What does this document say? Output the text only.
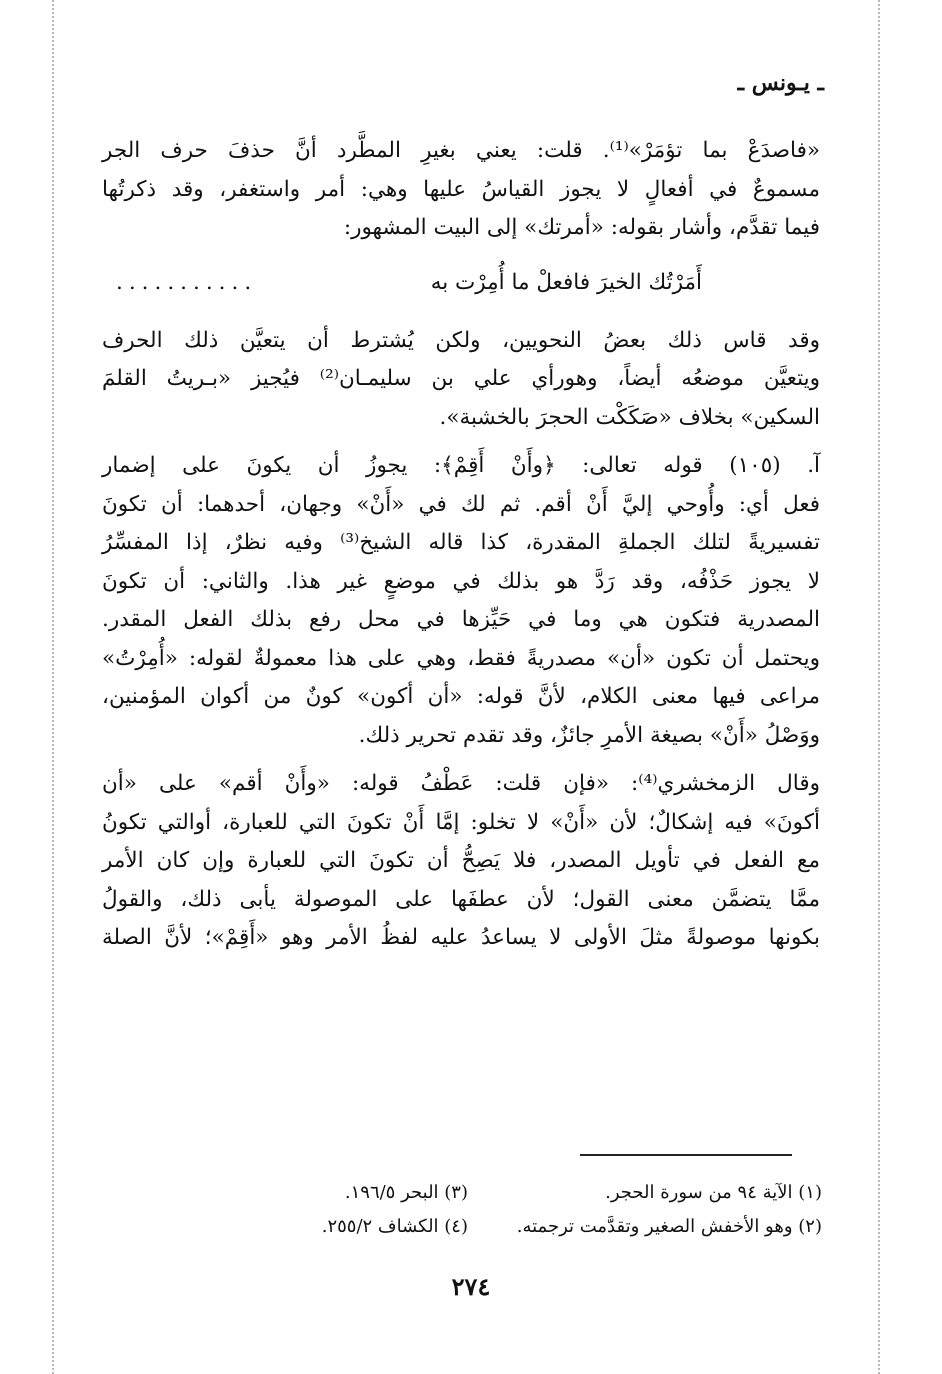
ـ يـونس ـ
«فاصدَعْ بما تؤمَرْ»⁽¹⁾. قلت: يعني بغيرِ المطَّرد أنَّ حذفَ حرف الجر
مسموعٌ في أفعالٍ لا يجوز القياسُ عليها وهي: أمر واستغفر، وقد ذكرتُها
فيما تقدَّم، وأشار بقوله: «أمرتك» إلى البيت المشهور:
أَمَرْتُك الخيرَ فافعلْ ما أُمِرْت به
...........
وقد قاس ذلك بعضُ النحويين، ولكن يُشترط أن يتعيَّن ذلك الحرف
ويتعيَّن موضعُه أيضاً، وهورأي علي بن سليمـان⁽²⁾ فيُجيز «بـريتُ القلمَ
السكين» بخلاف «صَكَكْت الحجرَ بالخشبة».
آ. (١٠٥) قوله تعالى: ﴿وأَنْ أَقِمْ﴾: يجوزُ أن يكونَ على إضمار
فعل أي: وأُوحي إليَّ أَنْ أقم. ثم لك في «أَنْ» وجهان، أحدهما: أن تكونَ
تفسيريةً لتلك الجملةِ المقدرة، كذا قاله الشيخ⁽³⁾ وفيه نظرٌ، إذا المفسِّرُ
لا يجوز حَذْفُه، وقد رَدَّ هو بذلك في موضعٍ غير هذا. والثاني: أن تكونَ
المصدرية فتكون هي وما في حَيِّزها في محل رفع بذلك الفعل المقدر.
ويحتمل أن تكون «أن» مصدريةً فقط، وهي على هذا معمولةٌ لقوله: «أُمِرْتُ»
مراعى فيها معنى الكلام، لأنَّ قوله: «أن أكون» كونٌ من أكوان المؤمنين،
ووَصْلُ «أَنْ» بصيغة الأمرِ جائزٌ، وقد تقدم تحرير ذلك.
وقال الزمخشري⁽⁴⁾: «فإن قلت: عَطْفُ قوله: «وأَنْ أقم» على «أن
أكونَ» فيه إشكالٌ؛ لأن «أَنْ» لا تخلو: إمَّا أَنْ تكونَ التي للعبارة، أوالتي تكونُ
مع الفعل في تأويل المصدر، فلا يَصِحُّ أن تكونَ التي للعبارة وإن كان الأمر
ممَّا يتضمَّن معنى القول؛ لأن عطفَها على الموصولة يأبى ذلك، والقولُ
بكونها موصولةً مثلَ الأولى لا يساعدُ عليه لفظُ الأمر وهو «أَقِمْ»؛ لأنَّ الصلة
(١) الآية ٩٤ من سورة الحجر.
(٣) البحر ١٩٦/٥.
(٢) وهو الأخفش الصغير وتقدَّمت ترجمته.
(٤) الكشاف ٢٥٥/٢.
٢٧٤
